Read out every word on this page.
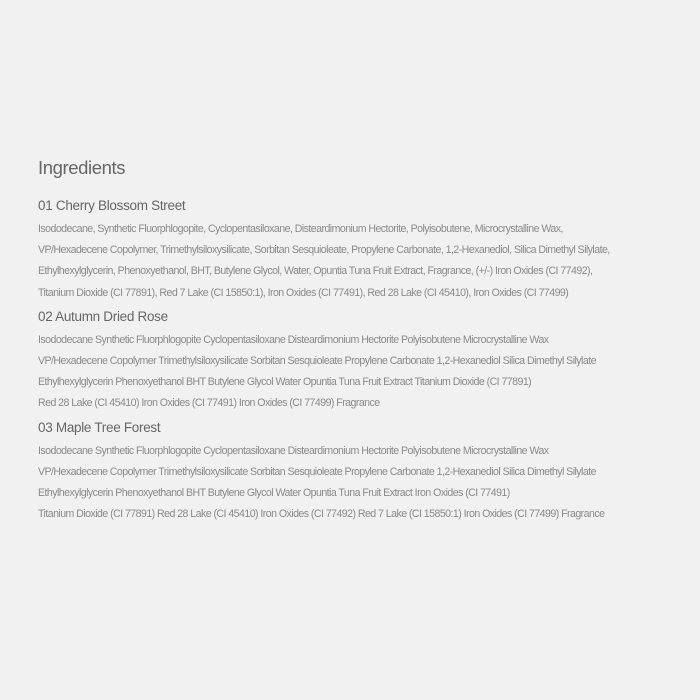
Ingredients
01 Cherry Blossom Street

Isododecane, Synthetic Fluorphlogopite, Cyclopentasiloxane, Disteardimonium Hectorite, Polyisobutene, Microcrystalline Wax,

VP/Hexadecene Copolymer, Trimethylsiloxysilicate, Sorbitan Sesquioleate, Propylene Carbonate, 1,2-Hexanediol, Silica Dimethyl Silylate,

Ethylhexylglycerin, Phenoxyethanol, BHT, Butylene Glycol, Water, Opuntia Tuna Fruit Extract, Fragrance, (+/-) Iron Oxides (CI 77492),

Titanium Dioxide (CI 77891), Red 7 Lake (CI 15850:1), Iron Oxides (CI 77491), Red 28 Lake (CI 45410), Iron Oxides (CI 77499)

02 Autumn Dried Rose

Isododecane Synthetic Fluorphlogopite Cyclopentasiloxane Disteardimonium Hectorite Polyisobutene Microcrystalline Wax

VP/Hexadecene Copolymer Trimethylsiloxysilicate Sorbitan Sesquioleate Propylene Carbonate 1,2-Hexanediol Silica Dimethyl Silylate

Ethylhexylglycerin Phenoxyethanol BHT Butylene Glycol Water Opuntia Tuna Fruit Extract Titanium Dioxide (CI 77891)

Red 28 Lake (CI 45410) Iron Oxides (CI 77491) Iron Oxides (CI 77499) Fragrance

03 Maple Tree Forest

Isododecane Synthetic Fluorphlogopite Cyclopentasiloxane Disteardimonium Hectorite Polyisobutene Microcrystalline Wax

VP/Hexadecene Copolymer Trimethylsiloxysilicate Sorbitan Sesquioleate Propylene Carbonate 1,2-Hexanediol Silica Dimethyl Silylate

Ethylhexylglycerin Phenoxyethanol BHT Butylene Glycol Water Opuntia Tuna Fruit Extract Iron Oxides (CI 77491)

Titanium Dioxide (CI 77891) Red 28 Lake (CI 45410) Iron Oxides (CI 77492) Red 7 Lake (CI 15850:1) Iron Oxides (CI 77499) Fragrance
